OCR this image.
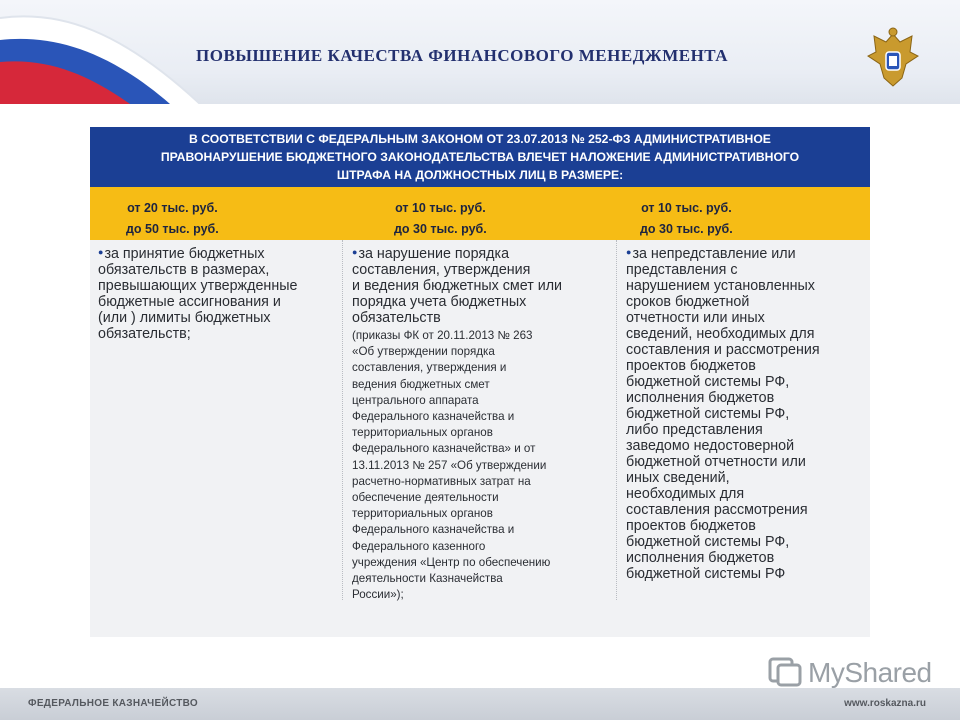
ПОВЫШЕНИЕ КАЧЕСТВА ФИНАНСОВОГО МЕНЕДЖМЕНТА
В СООТВЕТСТВИИ С ФЕДЕРАЛЬНЫМ ЗАКОНОМ ОТ 23.07.2013 № 252-ФЗ АДМИНИСТРАТИВНОЕ
ПРАВОНАРУШЕНИЕ БЮДЖЕТНОГО ЗАКОНОДАТЕЛЬСТВА ВЛЕЧЕТ НАЛОЖЕНИЕ АДМИНИСТРАТИВНОГО
ШТРАФА НА ДОЛЖНОСТНЫХ ЛИЦ В РАЗМЕРЕ:
от 20 тыс. руб.
до 50 тыс. руб.
от 10 тыс. руб.
до 30 тыс. руб.
от 10 тыс. руб.
до 30 тыс. руб.
●за принятие бюджетных
обязательств в размерах,
превышающих утвержденные
бюджетные ассигнования и
(или ) лимиты бюджетных
обязательств;
●за нарушение порядка
составления, утверждения
и ведения бюджетных смет или
порядка учета бюджетных
обязательств
(приказы ФК от 20.11.2013 № 263
«Об утверждении порядка
составления, утверждения и
ведения бюджетных смет
центрального аппарата
Федерального казначейства и
территориальных органов
Федерального казначейства» и от
13.11.2013 № 257 «Об утверждении
расчетно-нормативных затрат на
обеспечение деятельности
территориальных органов
Федерального казначейства и
Федерального казенного
учреждения «Центр по обеспечению
деятельности Казначейства
России»);
●за непредставление или
представления с
нарушением установленных
сроков бюджетной
отчетности или иных
сведений, необходимых для
составления и рассмотрения
проектов бюджетов
бюджетной системы РФ,
исполнения бюджетов
бюджетной системы РФ,
либо представления
заведомо недостоверной
бюджетной отчетности или
иных сведений,
необходимых для
составления рассмотрения
проектов бюджетов
бюджетной системы РФ,
исполнения бюджетов
бюджетной системы РФ
MyShared
ФЕДЕРАЛЬНОЕ КАЗНАЧЕЙСТВО	www.roskazna.ru
